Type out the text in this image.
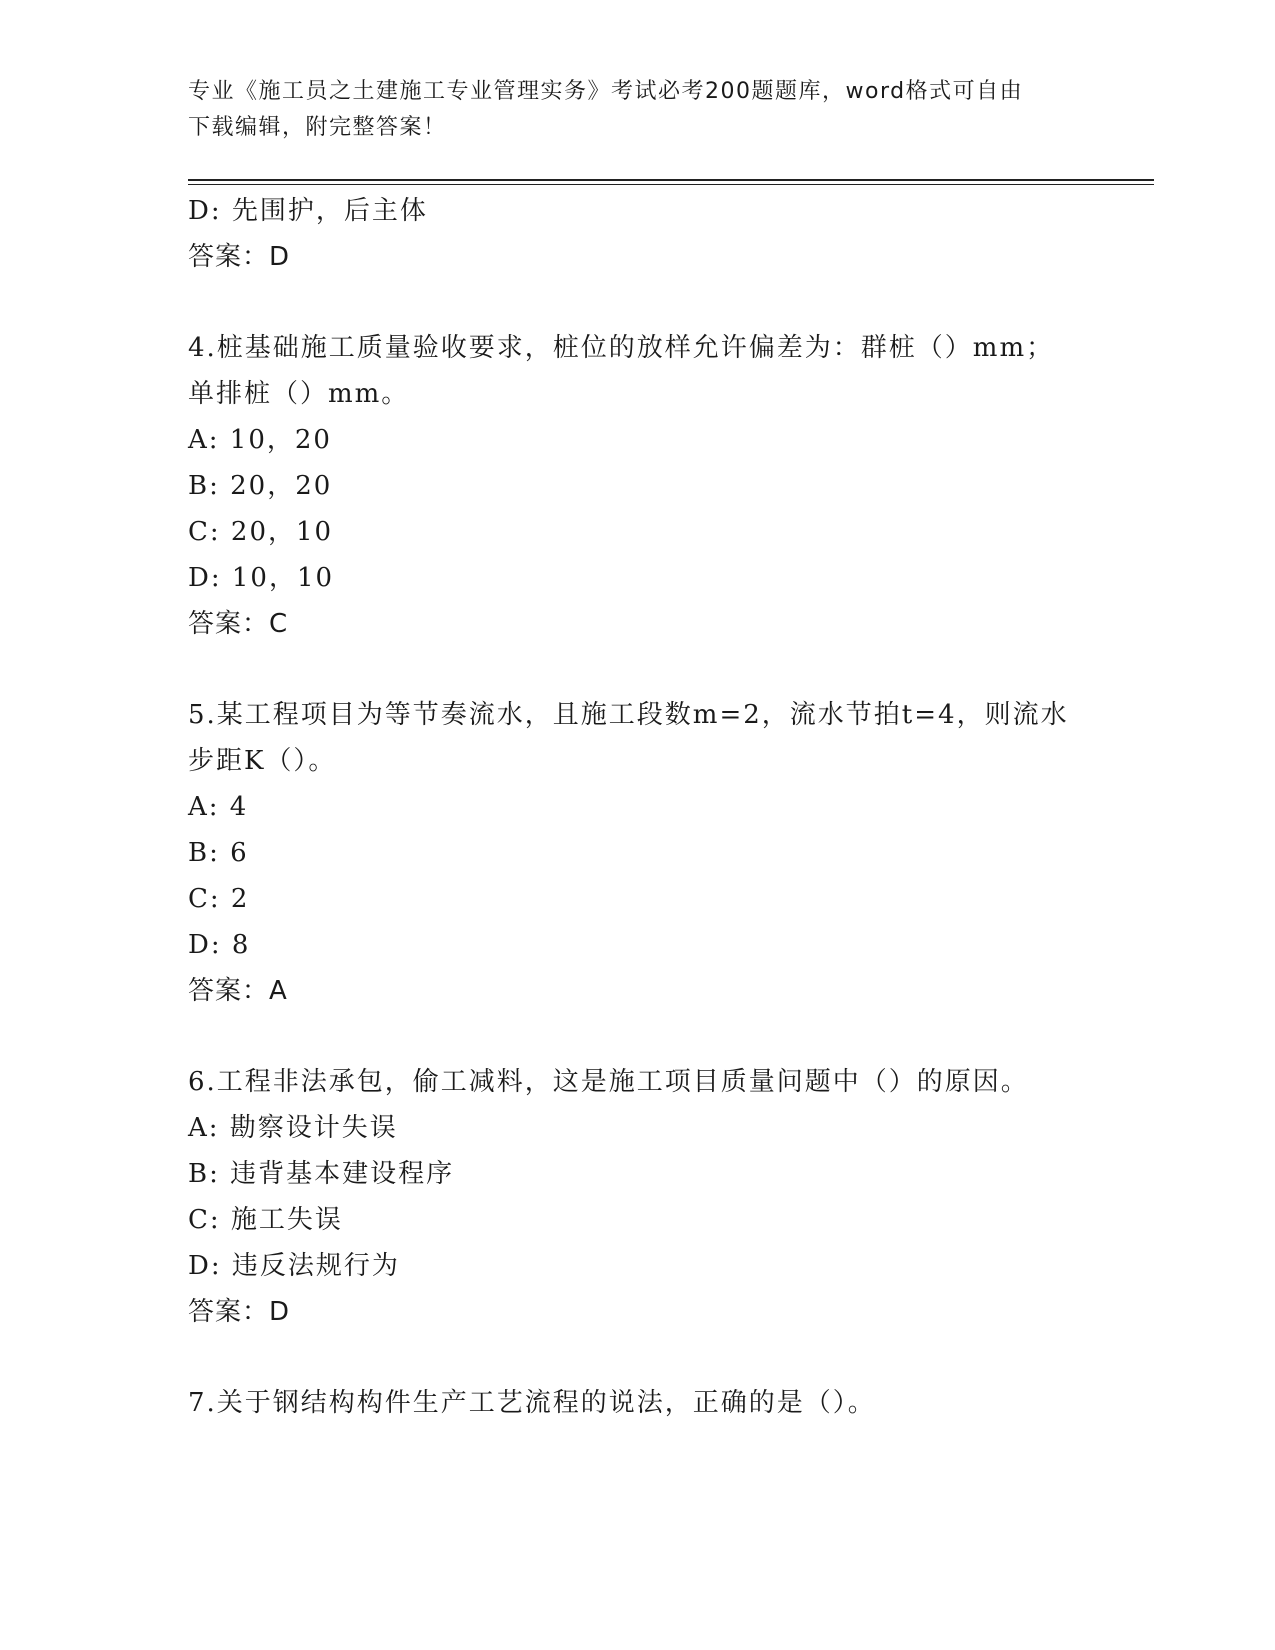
专业《施工员之土建施工专业管理实务》考试必考200题题库，word格式可自由
下载编辑，附完整答案！
D: 先围护，后主体
答案：D
4.桩基础施工质量验收要求，桩位的放样允许偏差为：群桩（）mm；
单排桩（）mm。
A: 10，20
B: 20，20
C: 20，10
D: 10，10
答案：C
5.某工程项目为等节奏流水，且施工段数m=2，流水节拍t=4，则流水
步距K（）。
A: 4
B: 6
C: 2
D: 8
答案：A
6.工程非法承包，偷工减料，这是施工项目质量问题中（）的原因。
A: 勘察设计失误
B: 违背基本建设程序
C: 施工失误
D: 违反法规行为
答案：D
7.关于钢结构构件生产工艺流程的说法，正确的是（）。
